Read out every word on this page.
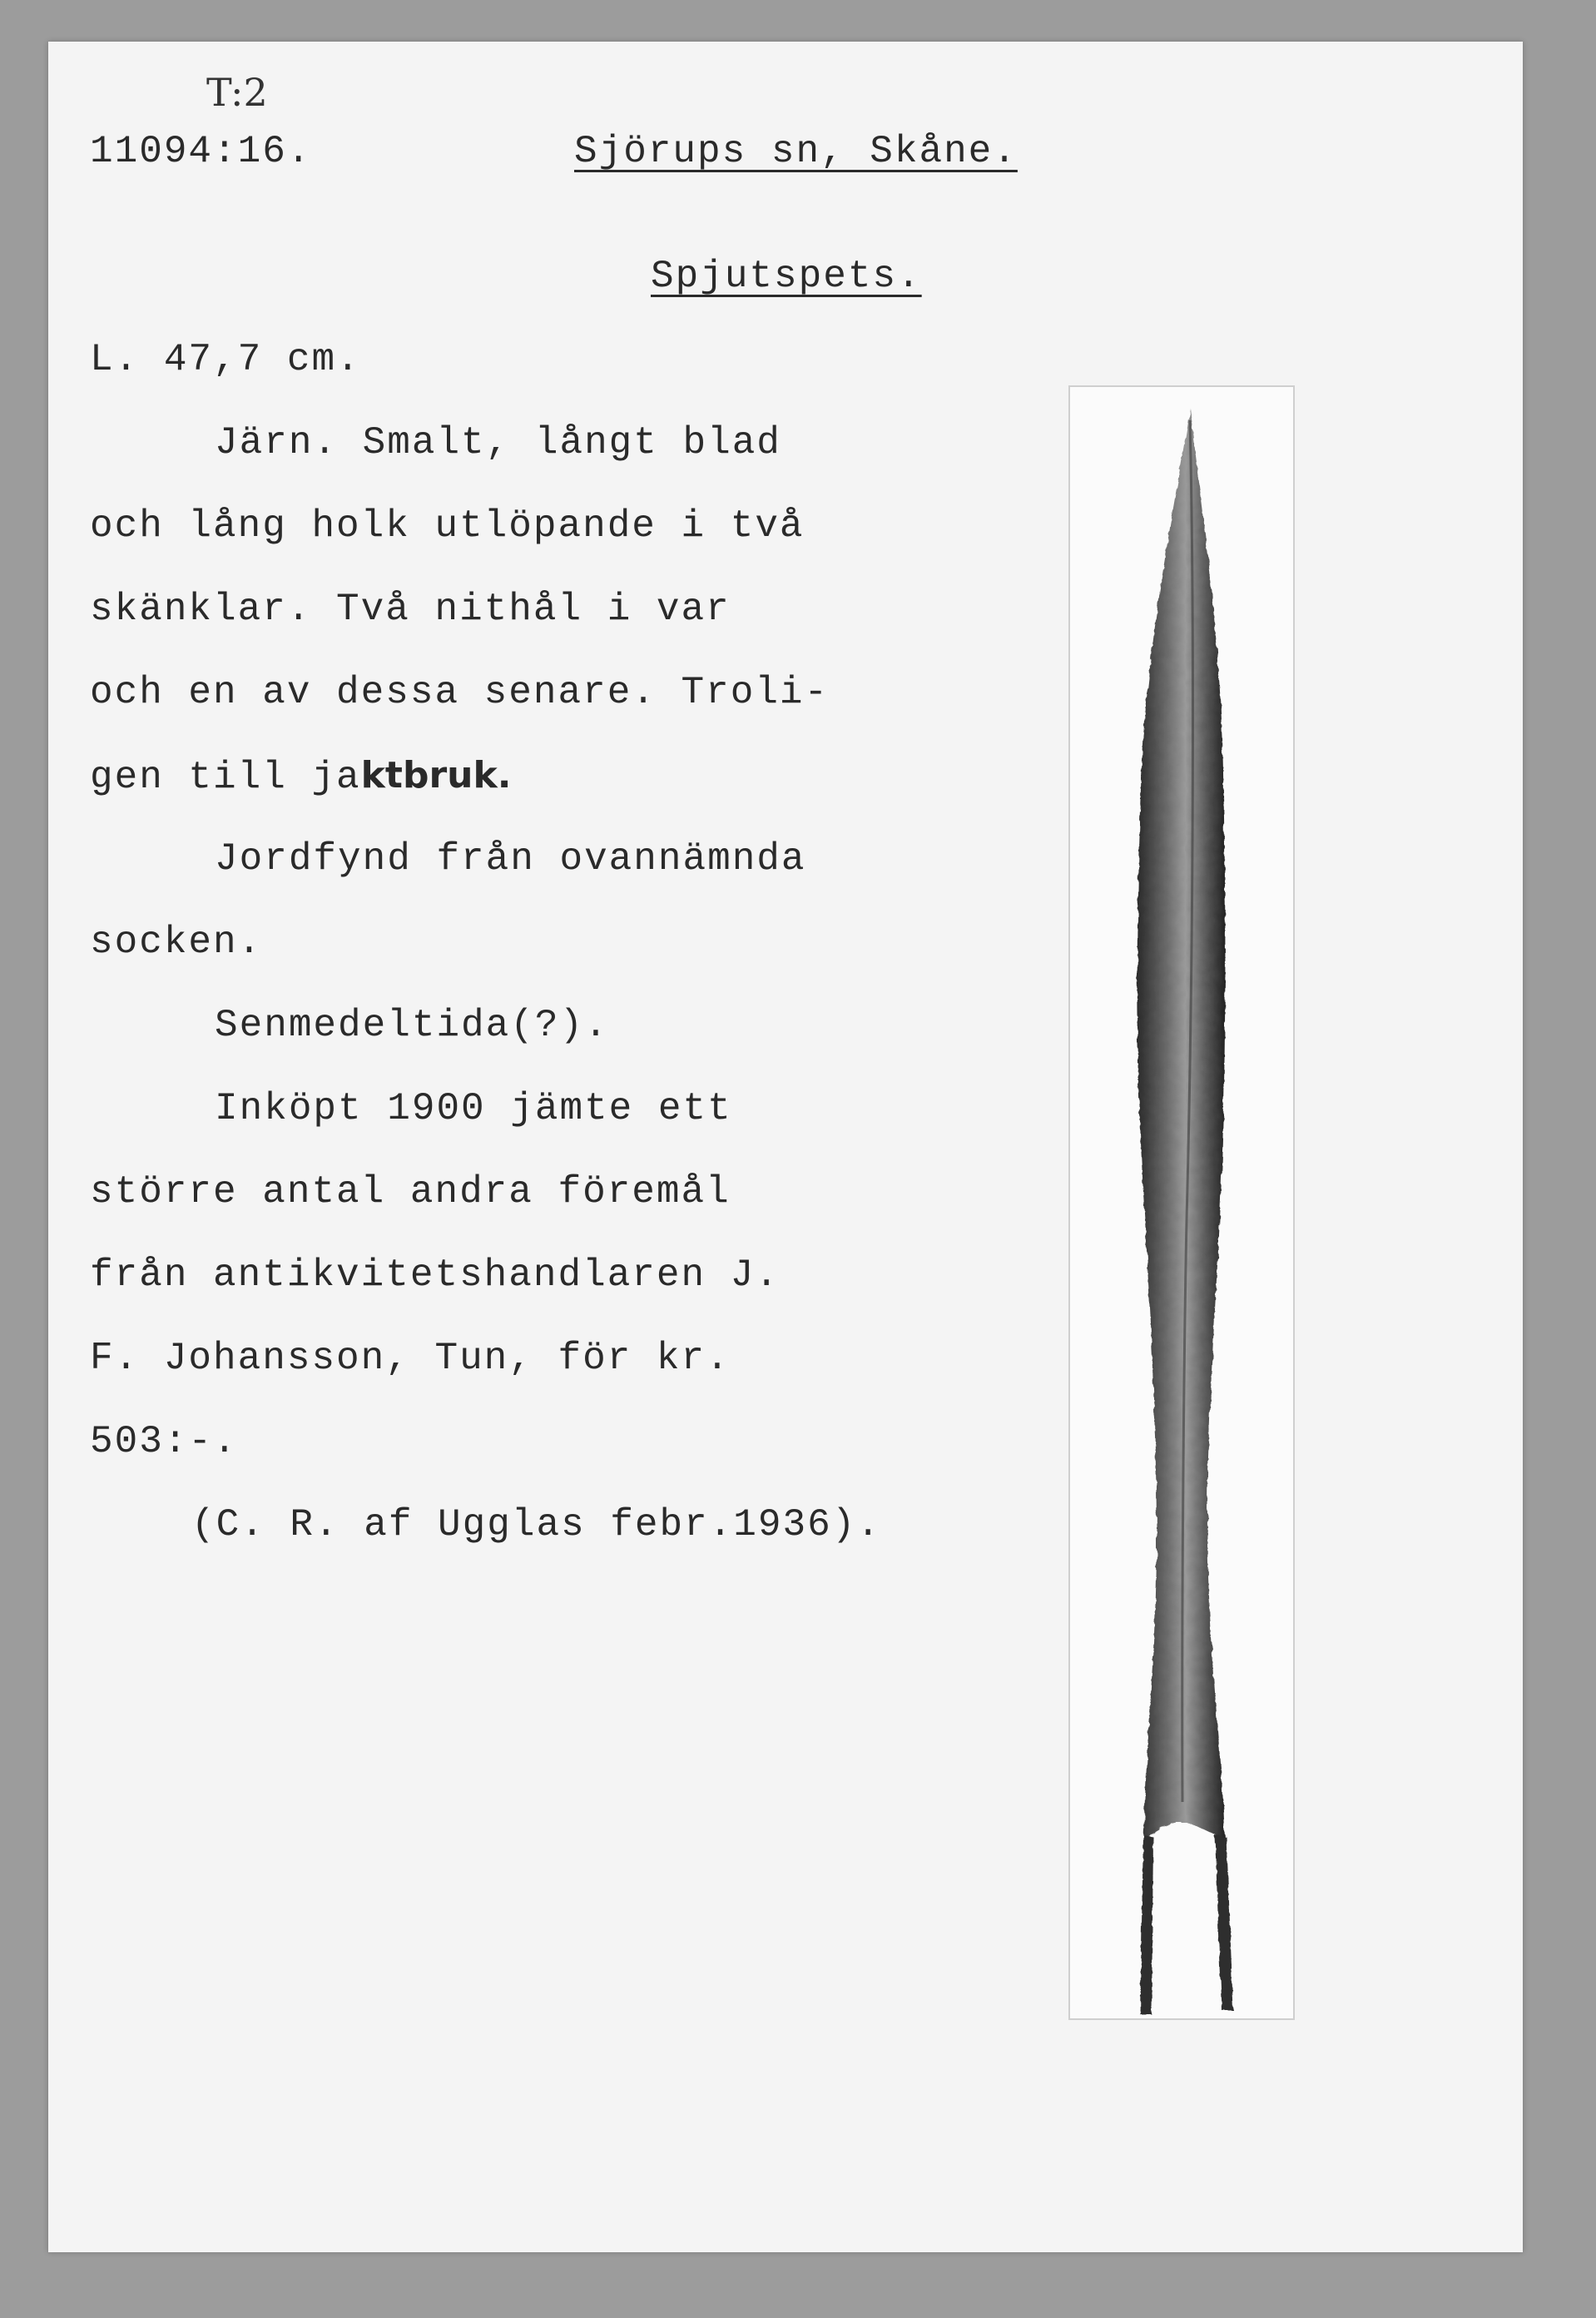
T:2

11094:16.	Sjörups sn, Skåne.

Spjutspets.

L. 47,7 cm.

Järn. Smalt, långt blad

och lång holk utlöpande i två

skänklar. Två nithål i var

och en av dessa senare. Troli-

gen till jaktbruk.

Jordfynd från ovannämnda

socken.

Senmedeltida(?).

Inköpt 1900 jämte ett

större antal andra föremål

från antikvitetshandlaren J.

F. Johansson, Tun, för kr.

503:-.

(C. R. af Ugglas febr.1936).
